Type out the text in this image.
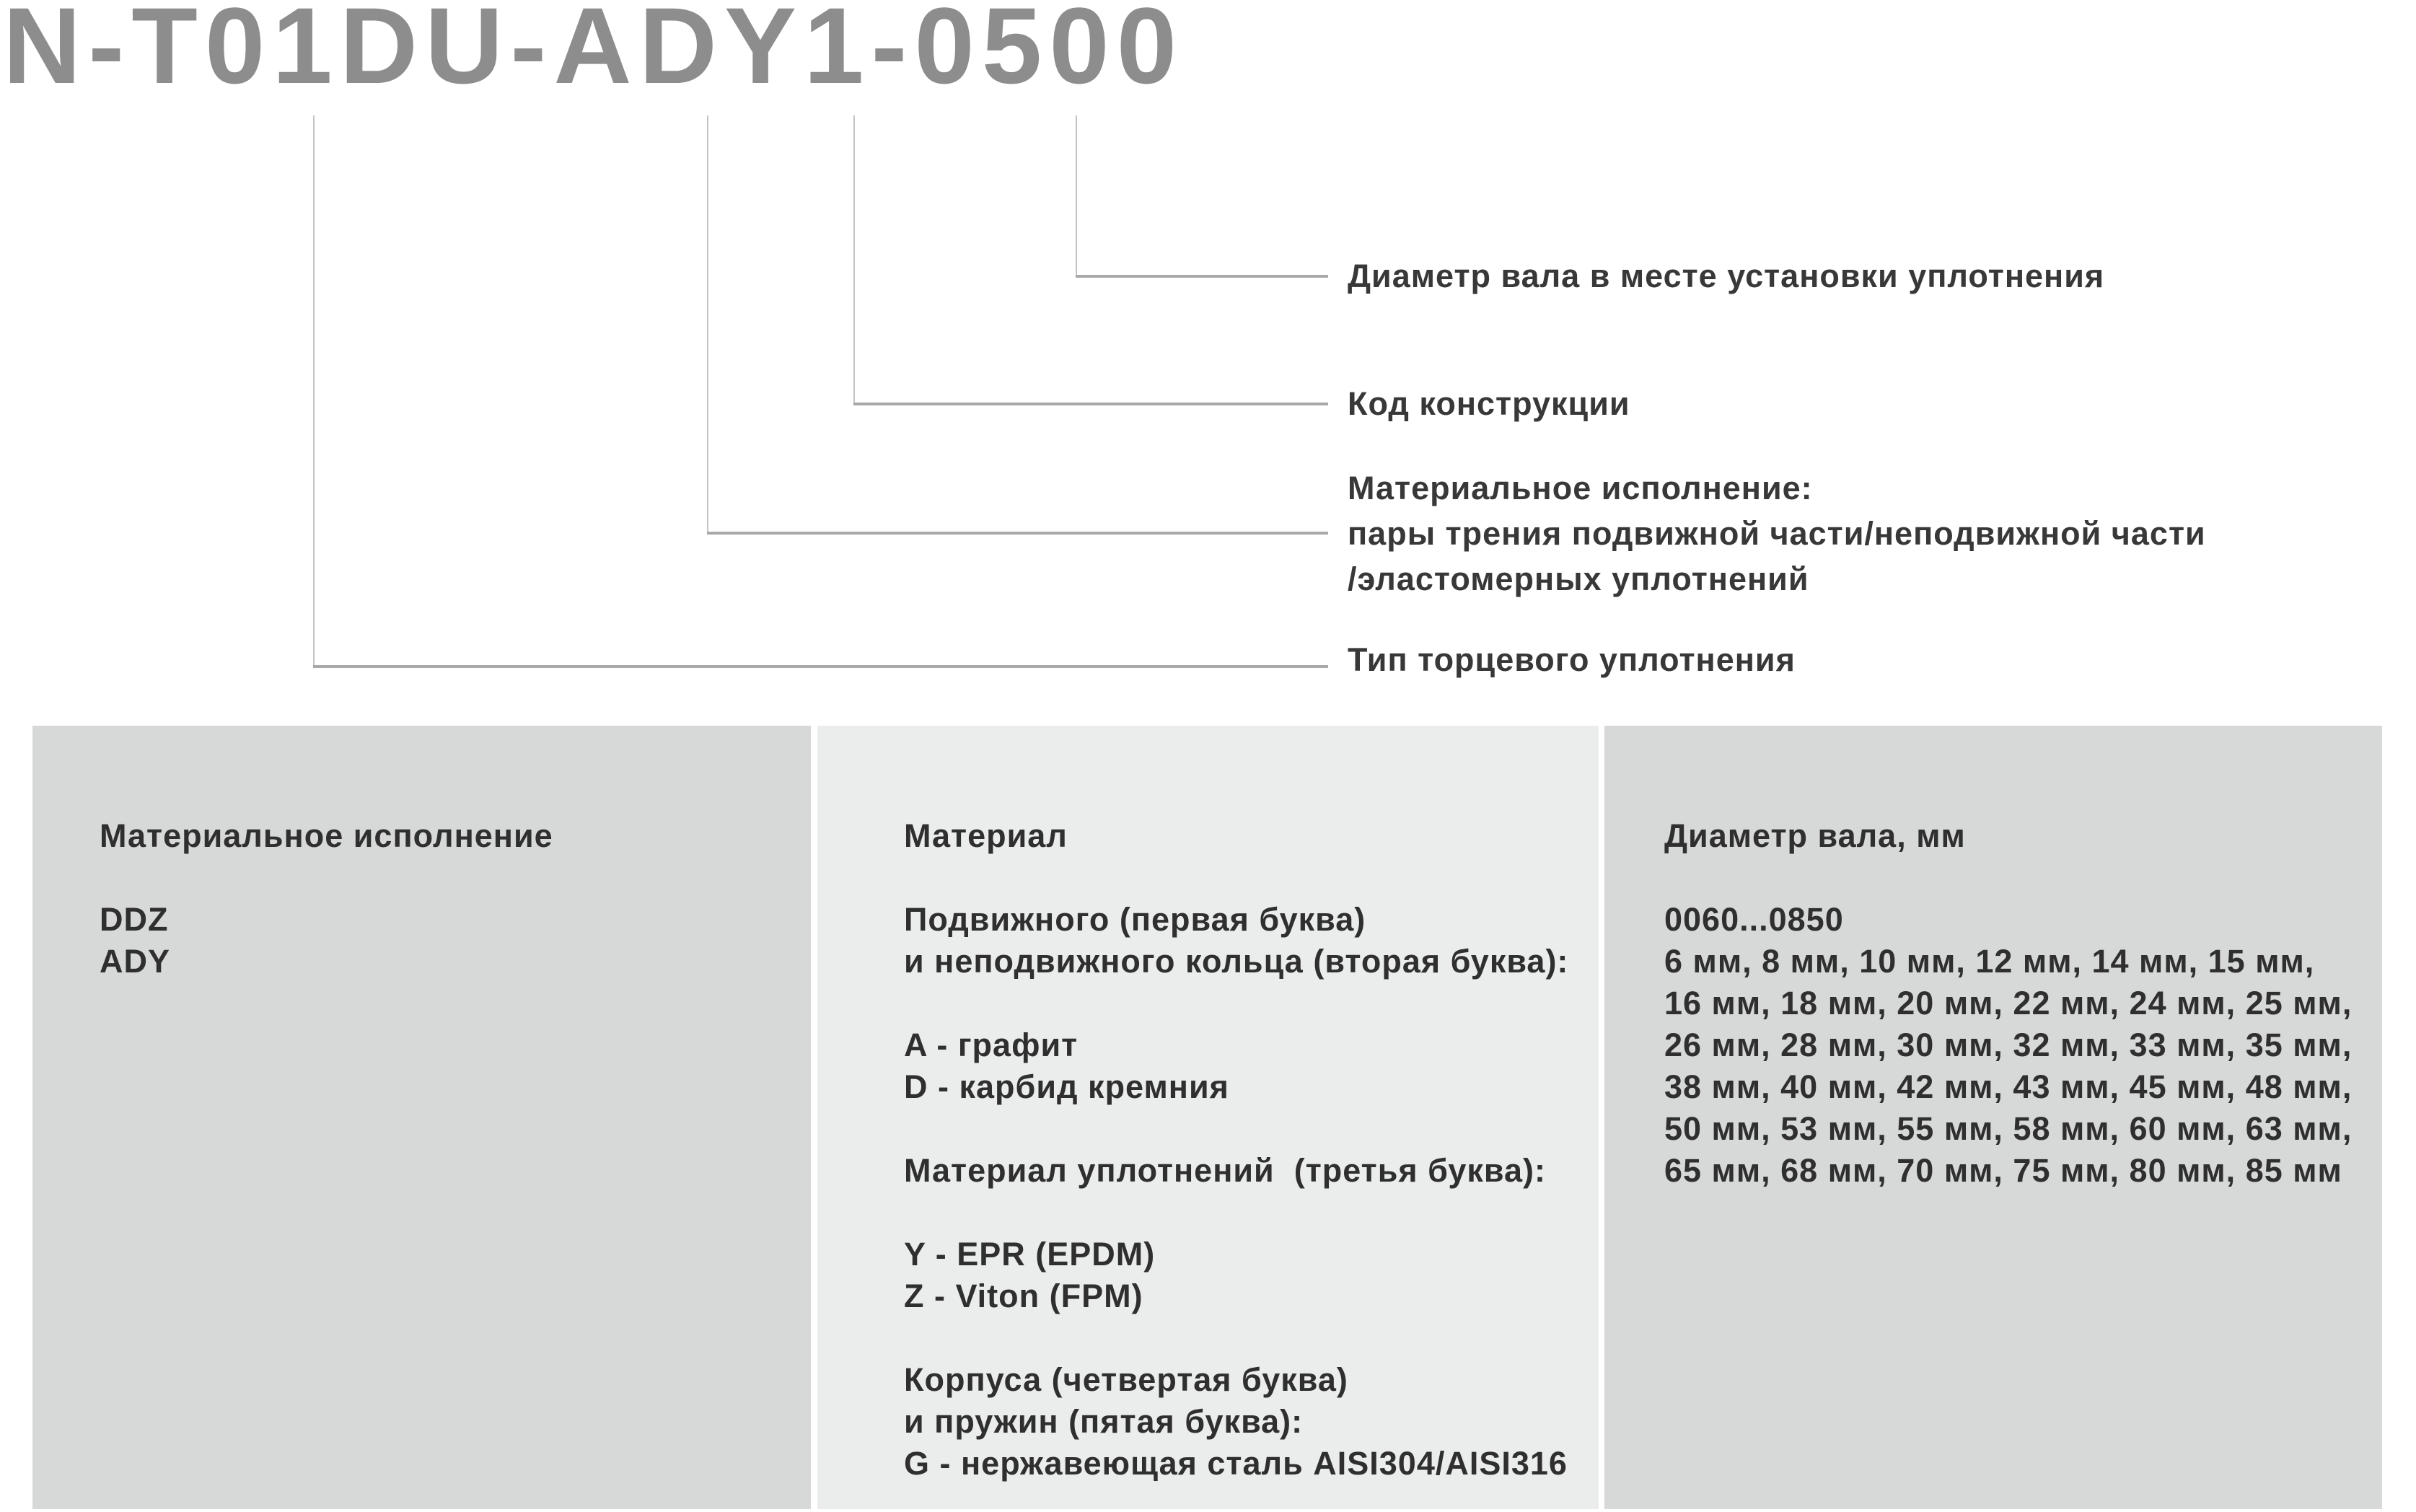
N-T01DU-ADY1-0500
Диаметр вала в месте установки уплотнения
Код конструкции
Материальное исполнение:
пары трения подвижной части/неподвижной части
/эластомерных уплотнений
Тип торцевого уплотнения
Материальное исполнение

DDZ
ADY
Материал

Подвижного (первая буква)
и неподвижного кольца (вторая буква):

A - графит
D - карбид кремния

Материал уплотнений  (третья буква):

Y - EPR (EPDM)
Z - Viton (FPM)

Корпуса (четвертая буква)
и пружин (пятая буква):
G - нержавеющая сталь AISI304/AISI316
Диаметр вала, мм

0060...0850
6 мм, 8 мм, 10 мм, 12 мм, 14 мм, 15 мм,
16 мм, 18 мм, 20 мм, 22 мм, 24 мм, 25 мм,
26 мм, 28 мм, 30 мм, 32 мм, 33 мм, 35 мм,
38 мм, 40 мм, 42 мм, 43 мм, 45 мм, 48 мм,
50 мм, 53 мм, 55 мм, 58 мм, 60 мм, 63 мм,
65 мм, 68 мм, 70 мм, 75 мм, 80 мм, 85 мм
